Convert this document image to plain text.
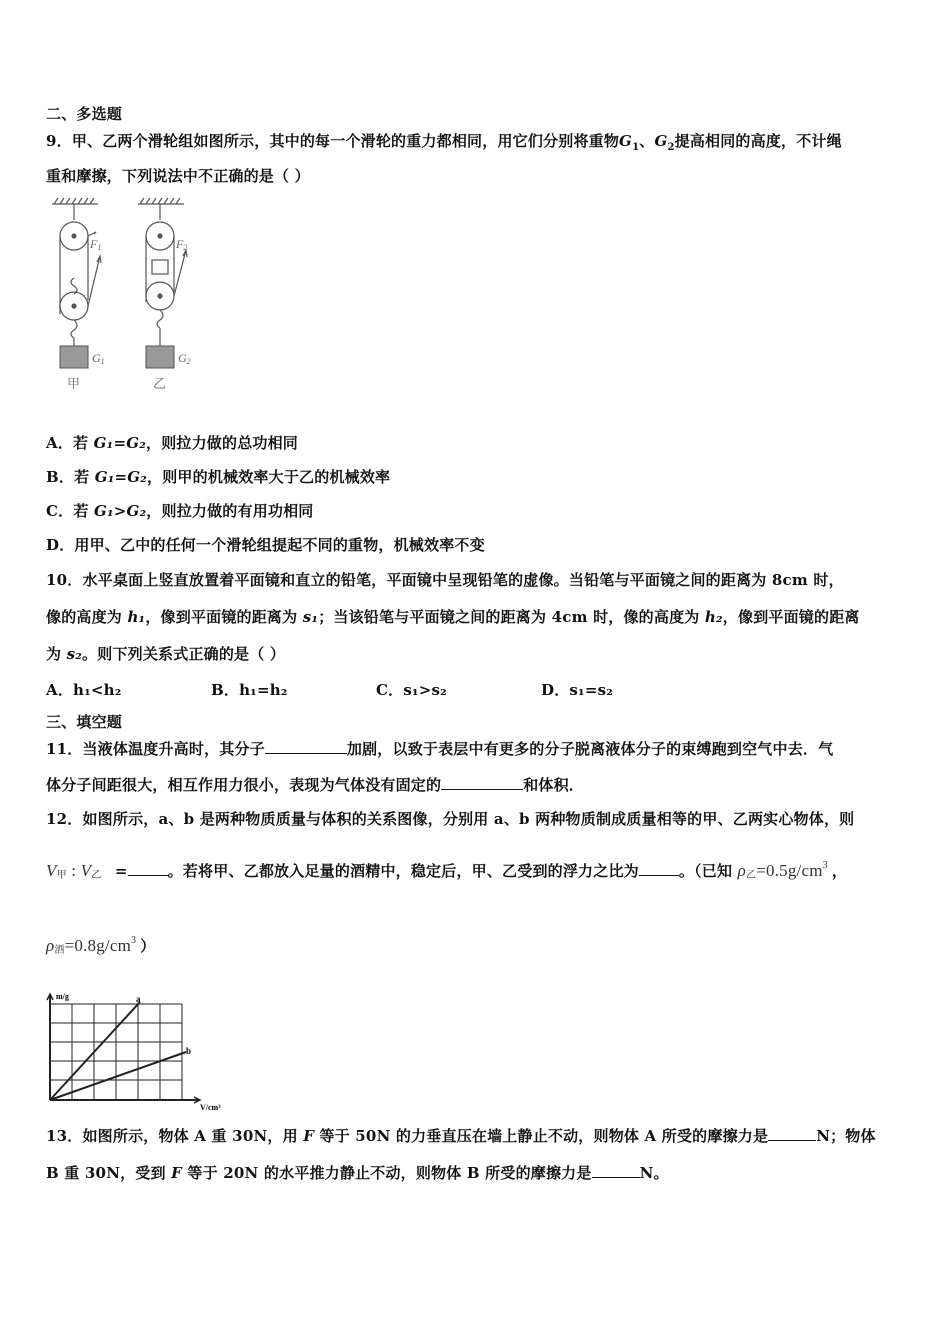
二、多选题
9．甲、乙两个滑轮组如图所示，其中的每一个滑轮的重力都相同，用它们分别将重物$G_1$、$G_2$提高相同的高度，不计绳
重和摩擦，下列说法中不正确的是（ ）
F1	F2
G1	G2
甲	乙
A．若 G₁=G₂，则拉力做的总功相同
B．若 G₁=G₂，则甲的机械效率大于乙的机械效率
C．若 G₁>G₂，则拉力做的有用功相同
D．用甲、乙中的任何一个滑轮组提起不同的重物，机械效率不变
10．水平桌面上竖直放置着平面镜和直立的铅笔，平面镜中呈现铅笔的虚像。当铅笔与平面镜之间的距离为 8cm 时，
像的高度为 h₁，像到平面镜的距离为 s₁；当该铅笔与平面镜之间的距离为 4cm 时，像的高度为 h₂，像到平面镜的距离
为 s₂。则下列关系式正确的是（ ）
A．h₁<h₂	B．h₁=h₂	C．s₁>s₂	D．s₁=s₂
三、填空题
11．当液体温度升高时，其分子	加剧，以致于表层中有更多的分子脱离液体分子的束缚跑到空气中去．气
体分子间距很大，相互作用力很小，表现为气体没有固定的	和体积．
12．如图所示，a、b 是两种物质质量与体积的关系图像，分别用 a、b 两种物质制成质量相等的甲、乙两实心物体，则
V甲 : V乙 =	。若将甲、乙都放入足量的酒精中，稳定后，甲、乙受到的浮力之比为	。（已知 ρ乙$=0.5g/cm^3$ ，
ρ酒$=0.8g/cm^3$ ）
m/g
V/cm³
a
b
13．如图所示，物体 A 重 30N，用 F 等于 50N 的力垂直压在墙上静止不动，则物体 A 所受的摩擦力是	N；物体
B 重 30N，受到 F 等于 20N 的水平推力静止不动，则物体 B 所受的摩擦力是	N。
